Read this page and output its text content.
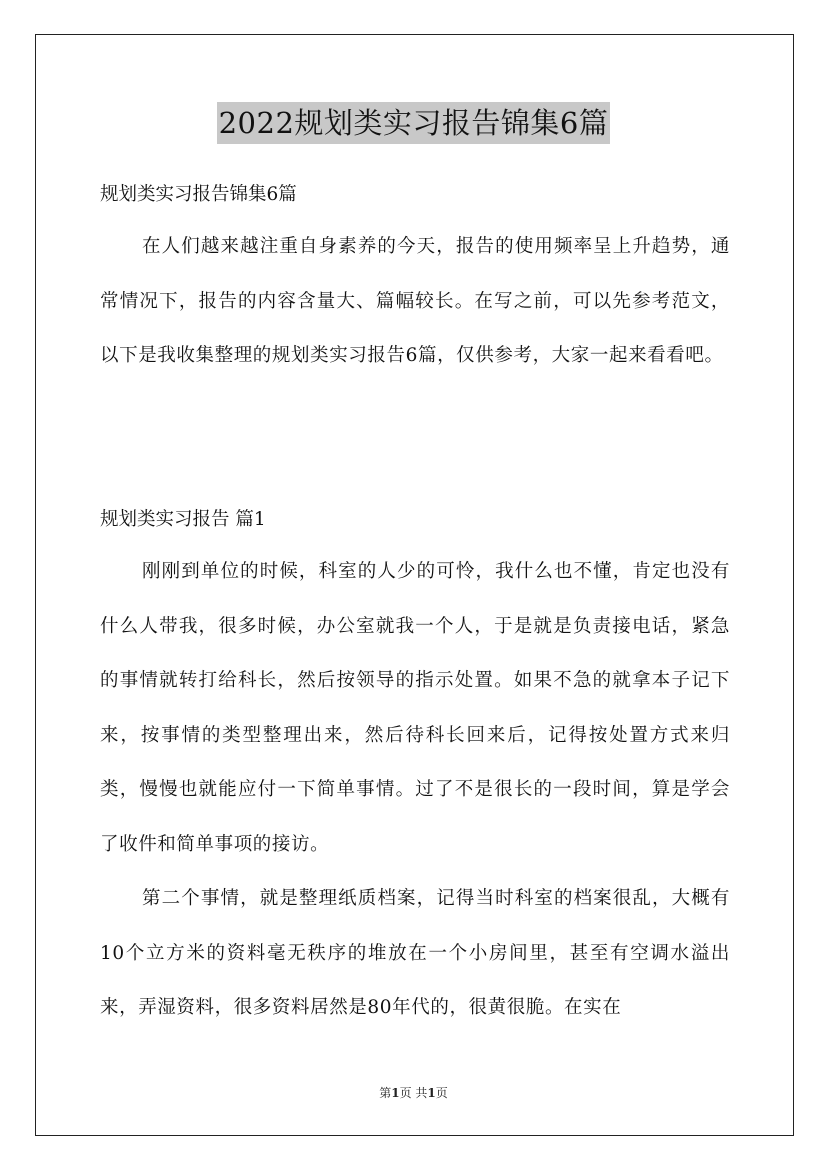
2022规划类实习报告锦集6篇
规划类实习报告锦集6篇

在人们越来越注重自身素养的今天，报告的使用频率呈上升趋势，通常情况下，报告的内容含量大、篇幅较长。在写之前，可以先参考范文，以下是我收集整理的规划类实习报告6篇，仅供参考，大家一起来看看吧。

规划类实习报告 篇1

刚刚到单位的时候，科室的人少的可怜，我什么也不懂，肯定也没有什么人带我，很多时候，办公室就我一个人，于是就是负责接电话，紧急的事情就转打给科长，然后按领导的指示处置。如果不急的就拿本子记下来，按事情的类型整理出来，然后待科长回来后，记得按处置方式来归类，慢慢也就能应付一下简单事情。过了不是很长的一段时间，算是学会了收件和简单事项的接访。

第二个事情，就是整理纸质档案，记得当时科室的档案很乱，大概有10个立方米的资料毫无秩序的堆放在一个小房间里，甚至有空调水溢出来，弄湿资料，很多资料居然是80年代的，很黄很脆。在实在

第1页 共1页
